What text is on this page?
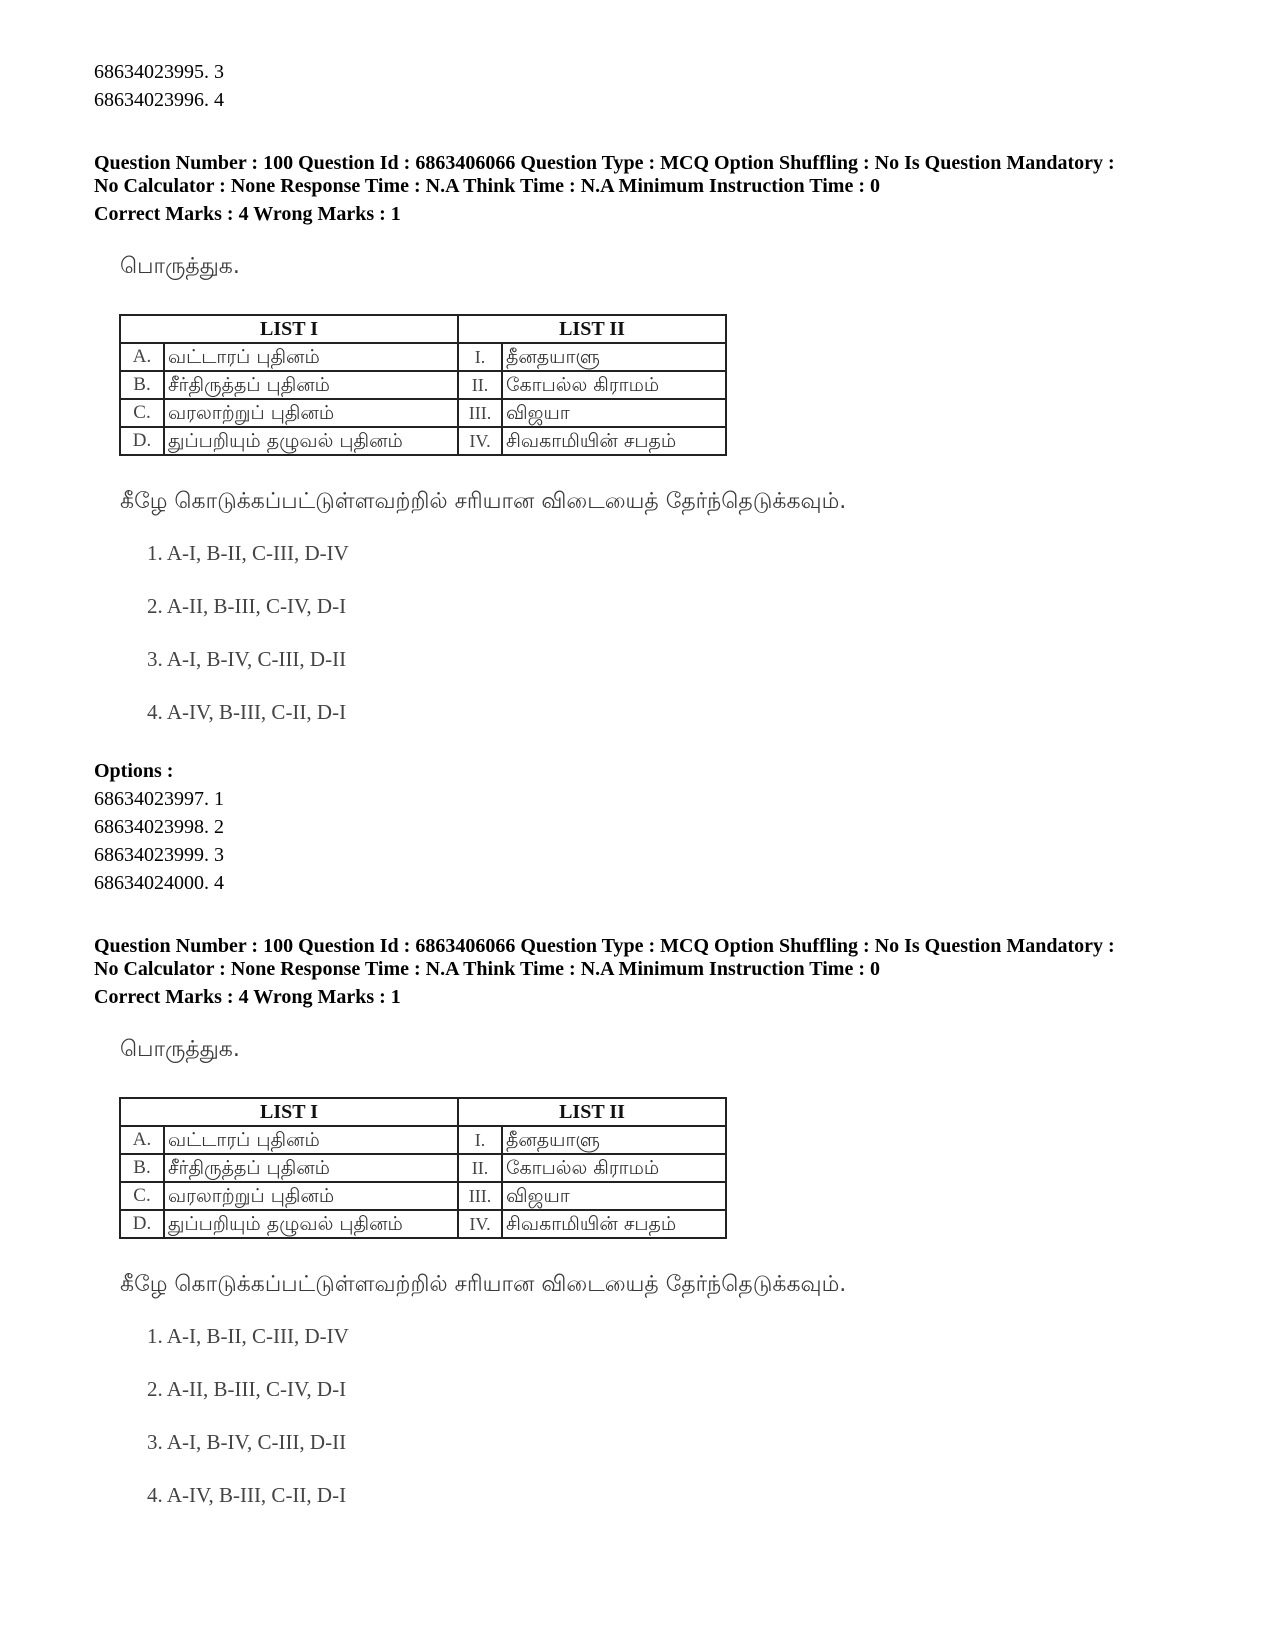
68634023995. 3
68634023996. 4
Question Number : 100 Question Id : 6863406066 Question Type : MCQ Option Shuffling : No Is Question Mandatory :
No Calculator : None Response Time : N.A Think Time : N.A Minimum Instruction Time : 0
Correct Marks : 4 Wrong Marks : 1
பொருத்துக.
LIST I		LIST II	
A.	வட்டாரப் புதினம்	I.	தீனதயாளு
B.	சீர்திருத்தப் புதினம்	II.	கோபல்ல கிராமம்
C.	வரலாற்றுப் புதினம்	III.	விஜயா
D.	துப்பறியும் தழுவல் புதினம்	IV.	சிவகாமியின் சபதம்
கீழே கொடுக்கப்பட்டுள்ளவற்றில் சரியான விடையைத் தேர்ந்தெடுக்கவும்.
1. A-I, B-II, C-III, D-IV
2. A-II, B-III, C-IV, D-I
3. A-I, B-IV, C-III, D-II
4. A-IV, B-III, C-II, D-I
Options :
68634023997. 1
68634023998. 2
68634023999. 3
68634024000. 4
Question Number : 100 Question Id : 6863406066 Question Type : MCQ Option Shuffling : No Is Question Mandatory :
No Calculator : None Response Time : N.A Think Time : N.A Minimum Instruction Time : 0
Correct Marks : 4 Wrong Marks : 1
பொருத்துக.
LIST I		LIST II	
A.	வட்டாரப் புதினம்	I.	தீனதயாளு
B.	சீர்திருத்தப் புதினம்	II.	கோபல்ல கிராமம்
C.	வரலாற்றுப் புதினம்	III.	விஜயா
D.	துப்பறியும் தழுவல் புதினம்	IV.	சிவகாமியின் சபதம்
கீழே கொடுக்கப்பட்டுள்ளவற்றில் சரியான விடையைத் தேர்ந்தெடுக்கவும்.
1. A-I, B-II, C-III, D-IV
2. A-II, B-III, C-IV, D-I
3. A-I, B-IV, C-III, D-II
4. A-IV, B-III, C-II, D-I
